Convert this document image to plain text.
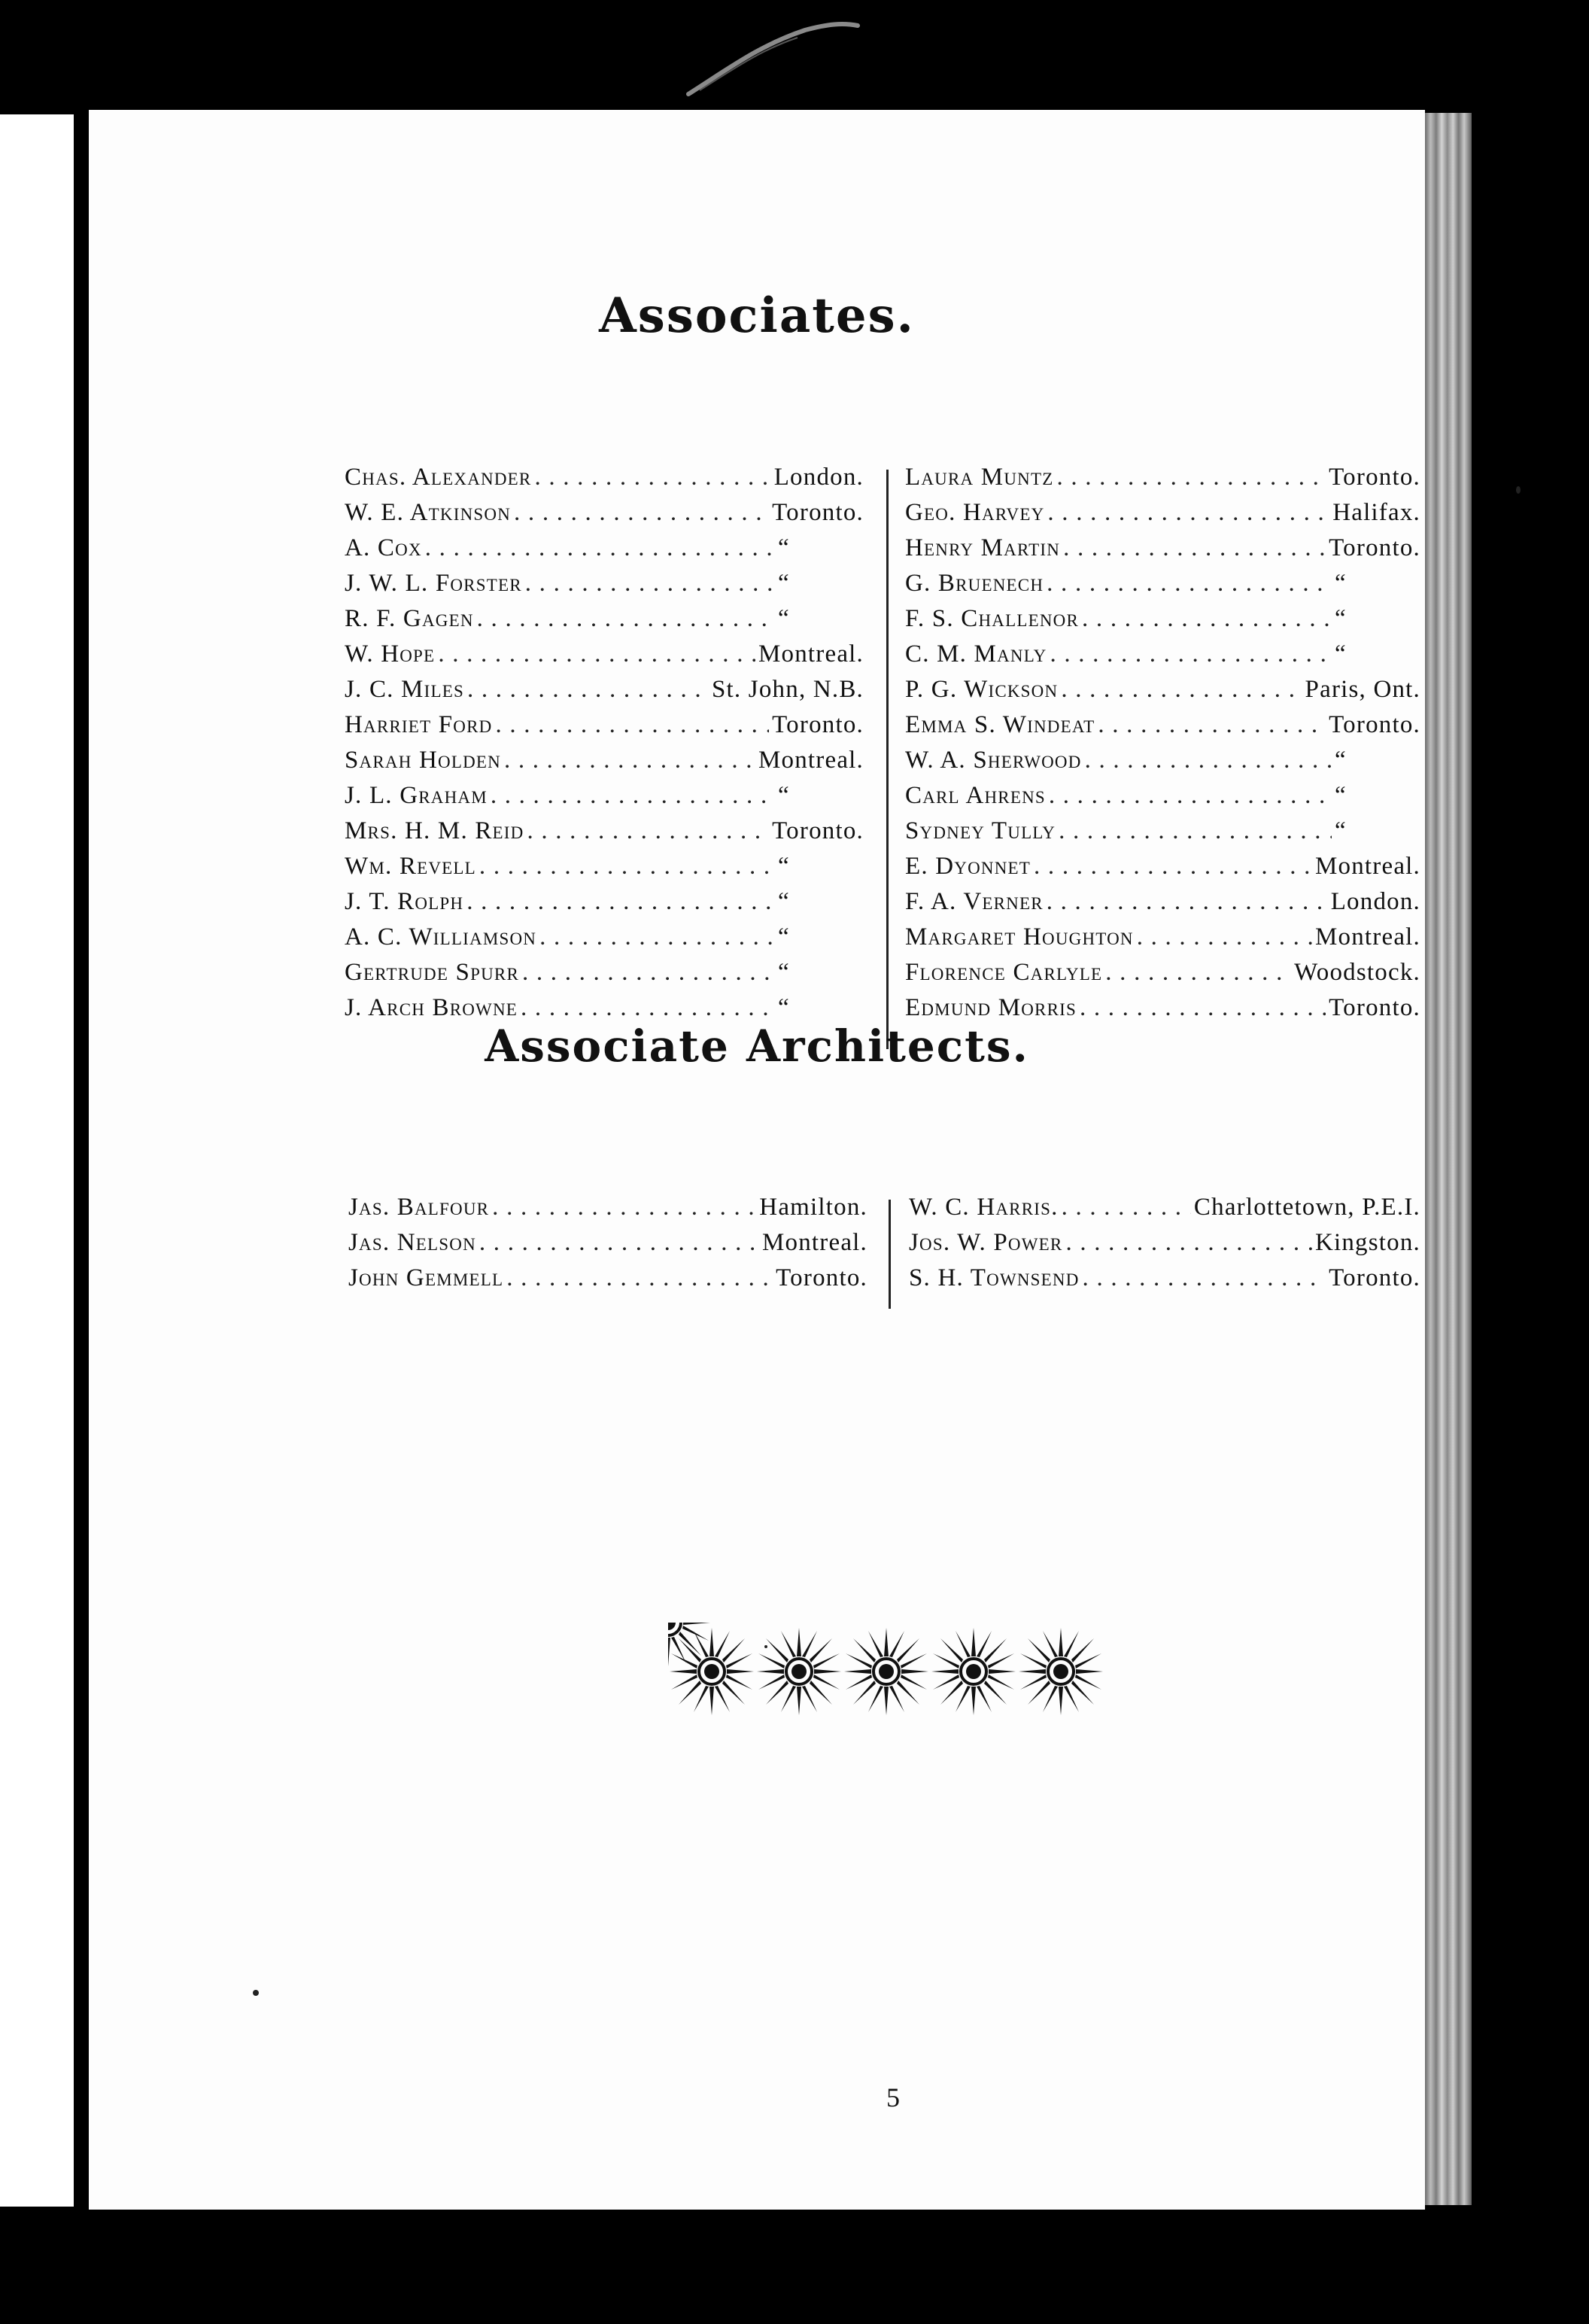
Associates.
Chas. Alexander . . .	London.
W. E. Atkinson . . .	Toronto.
A. Cox . . .	“
J. W. L. Forster . . .	“
R. F. Gagen . . .	“
W. Hope . . .	Montreal.
J. C. Miles . . .	St. John, N.B.
Harriet Ford . . .	Toronto.
Sarah Holden . . .	Montreal.
J. L. Graham . . .	“
Mrs. H. M. Reid . . .	Toronto.
Wm. Revell . . .	“
J. T. Rolph . . .	“
A. C. Williamson . . .	“
Gertrude Spurr . . .	“
J. Arch Browne . . .	“
Laura Muntz . . .	Toronto.
Geo. Harvey . . .	Halifax.
Henry Martin . . .	Toronto.
G. Bruenech . . .	“
F. S. Challenor . . .	“
C. M. Manly . . .	“
P. G. Wickson . . .	Paris, Ont.
Emma S. Windeat . . .	Toronto.
W. A. Sherwood . . .	“
Carl Ahrens . . .	“
Sydney Tully . . .	“
E. Dyonnet . . .	Montreal.
F. A. Verner . . .	London.
Margaret Houghton . . .	Montreal.
Florence Carlyle . . .	Woodstock.
Edmund Morris . . .	Toronto.
Associate Architects.
Jas. Balfour . . .	Hamilton.
Jas. Nelson . . .	Montreal.
John Gemmell . . .	Toronto.
W. C. Harris. . . .	Charlottetown, P.E.I.
Jos. W. Power . . .	Kingston.
S. H. Townsend . . .	Toronto.
5
